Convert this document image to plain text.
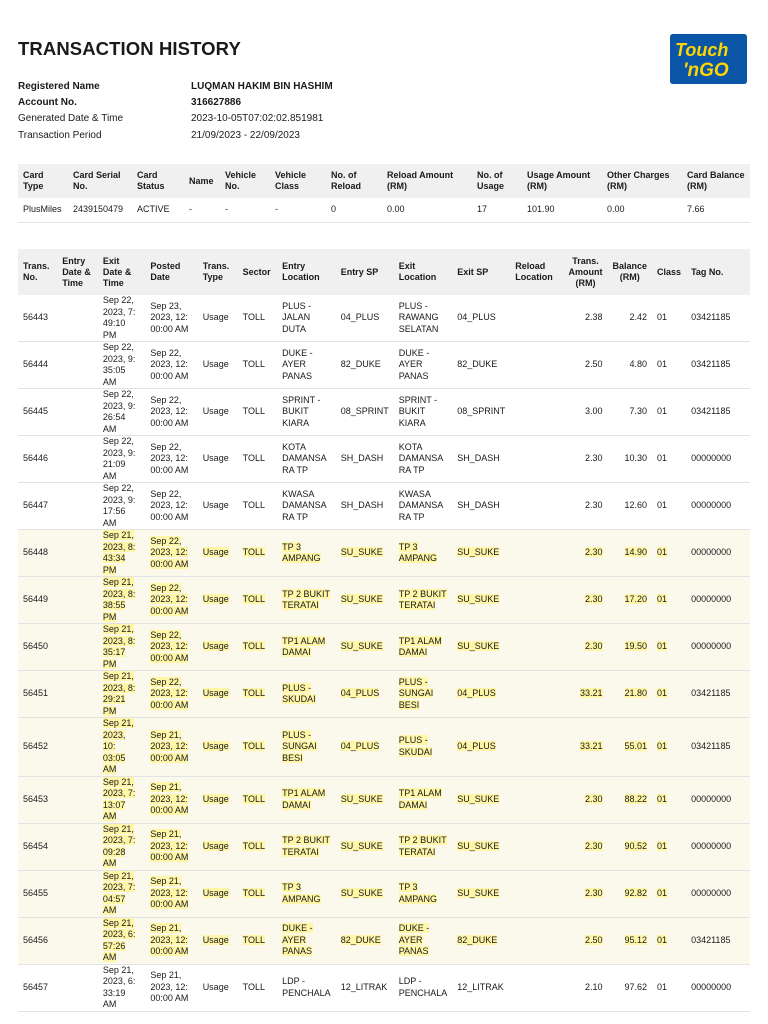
TRANSACTION HISTORY	Touch
'nGO
Registered Name	LUQMAN HAKIM BIN HASHIM
Account No.	316627886
Generated Date & Time	2023-10-05T07:02:02.851981
Transaction Period	21/09/2023 - 22/09/2023
Card Type	Card Serial No.	Card Status	Name	Vehicle No.	Vehicle Class	No. of Reload	Reload Amount (RM)	No. of Usage	Usage Amount (RM)	Other Charges (RM)	Card Balance (RM)
PlusMiles	2439150479	ACTIVE	-	-	-	0	0.00	17	101.90	0.00	7.66
Trans. No.	Entry Date & Time	Exit Date & Time	Posted Date	Trans. Type	Sector	Entry Location	Entry SP	Exit Location	Exit SP	Reload Location	Trans. Amount (RM)	Balance (RM)	Class	Tag No.
56443		Sep 22, 2023, 7: 49:10 PM	Sep 23, 2023, 12: 00:00 AM	Usage	TOLL	PLUS - JALAN DUTA	04_PLUS	PLUS - RAWANG SELATAN	04_PLUS		2.38	2.42	01	03421185
56444		Sep 22, 2023, 9: 35:05 AM	Sep 22, 2023, 12: 00:00 AM	Usage	TOLL	DUKE - AYER PANAS	82_DUKE	DUKE - AYER PANAS	82_DUKE		2.50	4.80	01	03421185
56445		Sep 22, 2023, 9: 26:54 AM	Sep 22, 2023, 12: 00:00 AM	Usage	TOLL	SPRINT - BUKIT KIARA	08_SPRINT	SPRINT - BUKIT KIARA	08_SPRINT		3.00	7.30	01	03421185
56446		Sep 22, 2023, 9: 21:09 AM	Sep 22, 2023, 12: 00:00 AM	Usage	TOLL	KOTA DAMANSA RA TP	SH_DASH	KOTA DAMANSA RA TP	SH_DASH		2.30	10.30	01	00000000
56447		Sep 22, 2023, 9: 17:56 AM	Sep 22, 2023, 12: 00:00 AM	Usage	TOLL	KWASA DAMANSA RA TP	SH_DASH	KWASA DAMANSA RA TP	SH_DASH		2.30	12.60	01	00000000
56448		Sep 21, 2023, 8: 43:34 PM	Sep 22, 2023, 12: 00:00 AM	Usage	TOLL	TP 3 AMPANG	SU_SUKE	TP 3 AMPANG	SU_SUKE		2.30	14.90	01	00000000
56449		Sep 21, 2023, 8: 38:55 PM	Sep 22, 2023, 12: 00:00 AM	Usage	TOLL	TP 2 BUKIT TERATAI	SU_SUKE	TP 2 BUKIT TERATAI	SU_SUKE		2.30	17.20	01	00000000
56450		Sep 21, 2023, 8: 35:17 PM	Sep 22, 2023, 12: 00:00 AM	Usage	TOLL	TP1 ALAM DAMAI	SU_SUKE	TP1 ALAM DAMAI	SU_SUKE		2.30	19.50	01	00000000
56451		Sep 21, 2023, 8: 29:21 PM	Sep 22, 2023, 12: 00:00 AM	Usage	TOLL	PLUS - SKUDAI	04_PLUS	PLUS - SUNGAI BESI	04_PLUS		33.21	21.80	01	03421185
56452		Sep 21, 2023, 10: 03:05 AM	Sep 21, 2023, 12: 00:00 AM	Usage	TOLL	PLUS - SUNGAI BESI	04_PLUS	PLUS - SKUDAI	04_PLUS		33.21	55.01	01	03421185
56453		Sep 21, 2023, 7: 13:07 AM	Sep 21, 2023, 12: 00:00 AM	Usage	TOLL	TP1 ALAM DAMAI	SU_SUKE	TP1 ALAM DAMAI	SU_SUKE		2.30	88.22	01	00000000
56454		Sep 21, 2023, 7: 09:28 AM	Sep 21, 2023, 12: 00:00 AM	Usage	TOLL	TP 2 BUKIT TERATAI	SU_SUKE	TP 2 BUKIT TERATAI	SU_SUKE		2.30	90.52	01	00000000
56455		Sep 21, 2023, 7: 04:57 AM	Sep 21, 2023, 12: 00:00 AM	Usage	TOLL	TP 3 AMPANG	SU_SUKE	TP 3 AMPANG	SU_SUKE		2.30	92.82	01	00000000
56456		Sep 21, 2023, 6: 57:26 AM	Sep 21, 2023, 12: 00:00 AM	Usage	TOLL	DUKE - AYER PANAS	82_DUKE	DUKE - AYER PANAS	82_DUKE		2.50	95.12	01	03421185
56457		Sep 21, 2023, 6: 33:19 AM	Sep 21, 2023, 12: 00:00 AM	Usage	TOLL	LDP - PENCHALA	12_LITRAK	LDP - PENCHALA	12_LITRAK		2.10	97.62	01	00000000
